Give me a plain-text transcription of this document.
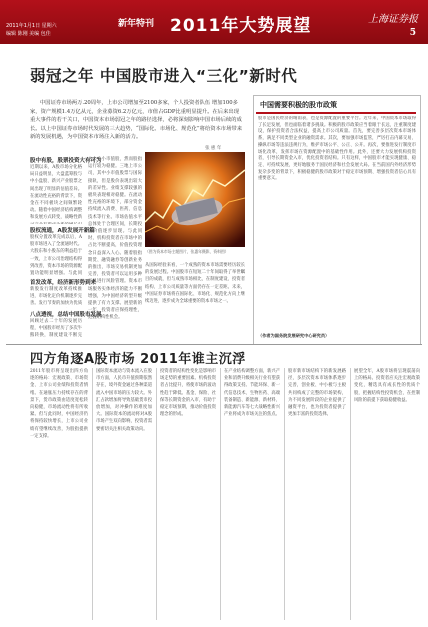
2011年1月1日 星期六
编辑 陈刚 美编 包佳
新年特刊 2011年大势展望	上海证券报
5
弱冠之年 中国股市进入“三化”新时代
中国证券市场两万.20周年，上市公司增加至2100多家，个人投资者队伍 增加100多家，资产规模1.4万亿从元，企业募资6.2万亿元，市值占GDP比重明显提升。在后来出现重大事件的若干关口，中国资本市场弱冠之年的路径选择，必将深刻影响中国市场后续的成长。以上中国证券市场时代发展的三大趋势，“国际化、市场化、规范化”将给资本市场带来新的发展机遇，为中国资本市场注入新的活力。
张 惠 年
股中有股，股票投资大有可为
近期以来，A股市场分化格局日益明显，大盘蓝筹股与中小盘股、新兴产业股票之间出现了明显的估值差异。在流动性充裕的背景下，资金在不同板块之间频繁轮动。随着中国经济结构调整和发展方式转变，战略性新
股权流通，A股发展开新篇
股权分置改革完成以后，A股市场进入了全流通时代。大股东和小股东的利益趋于一致，上市公司治理结构得到改善，资本市场的资源配置功能明显增强。与此同
首发改革，经济新形势到来
新股发行制度改革持续推进，市场化定价机制逐步完善。发行节奏的加快为优质
八点透视，总结中国股市发展
回顾过去二十年的发展历程，中国股市经历了多次牛熊转换，制度建设不断完
之大中小市值股，然而股指运行较为稳健。三地上市公司，其中小市值股票与国际接轨，但是股价表现出较大的差异性。业绩支撑较强的板块表现相对稳健。在流动性充裕的环境下，部分资金持续流入消费、医药、信息技术等行业。市场估值水平总体处于合理区间，长期投资价值逐步显现。与此同时，机构投资者在市场中的占比不断提高，价值投资理念日益深入人心。随着股指期货、融资融券等创新业务的推出，市场交易机制更加完善，投资者可以运用多种工具进行风险管理。资本市场服务实体经济的能力不断增强，为中国经济转型升级提供了有力支撑。展望新的一年，投资者应保持理性，把握结构性机会。
（图为资本市场主题图片，张惠年摄影，资料图）
从国际经验来看，一个成熟的资本市场需要经历较长的发展过程。中国股市在短短二十年间取得了举世瞩目的成就，但与成熟市场相比，在制度建设、投资者结构、上市公司质量等方面仍存在一定差距。未来，中国证券市场将在国际化、市场化、规范化方向上继续迈进，逐步成为全球重要的资本市场之一。
中国需要积极的股市政策
股市是国民经济的晴雨表，也是资源配置的重要平台。近年来，中国资本市场取得了长足发展，但也面临着诸多挑战。积极的股市政策应当着眼于长远，注重制度建设，保护投资者合法权益，提高上市公司质量。首先，要完善多层次资本市场体系，满足不同类型企业的融资需求。其次，要加强市场监管，严厉打击内幕交易、操纵市场等违法违规行为，维护市场公平、公正、公开。再次，要推进发行制度市场化改革，发挥市场在资源配置中的基础性作用。此外，还要大力发展机构投资者，引导长期资金入市，优化投资者结构。只有这样，中国股市才能实现健康、稳定、可持续发展，更好地服务于国民经济和社会发展大局。在当前国内外经济形势复杂多变的背景下，积极稳健的股市政策对于稳定市场预期、增强投资者信心具有重要意义。
（作者为国务院发展研究中心研究员）
四方角逐A股市场 2011年谁主沉浮
2011年股市将呈现出四方角逐的格局：宏观政策、市场资金、上市公司业绩和投资者情绪。在通胀压力持续存在的背景下，货币政策由适度宽松转向稳健，市场流动性将有所收紧。但与此同时，中国经济仍将保持较快增长，上市公司业绩有望继续改善，为股指提供一定支撑。
国际资本流动与资本流入在股市方面，人民币升值预期依然存在，境外资金通过各种渠道流入中国市场的压力较大。外汇占款增加将导致基础货币投放增加，对冲操作的难度加大。国际资本的流动将对A股市场产生双向影响，投资者需要密切关注相关政策动向。
投资者的结构性变化是影响市场走势的重要因素。机构投资者占比提升，将使市场的波动性趋于降低。基金、保险、社保等长期资金的入市，有助于稳定市场预期，推动价值投资理念的形成。
在产业结构调整方面，新兴产业和消费升级相关行业有望获得政策支持。节能环保、新一代信息技术、生物医药、高端装备制造、新能源、新材料、新能源汽车等七大战略性新兴产业将成为市场关注的焦点。
股市新市场结构下的新发展路径，多层次资本市场体系逐步完善，创业板、中小板与主板共同构成了完整的市场架构，为不同发展阶段的企业提供了融资平台，也为投资者提供了更加丰富的投资选择。
展望全年，A股市场将呈现震荡向上的格局。投资者应关注宏观政策变化，精选具有成长性的优质个股，把握结构性投资机会，在控制风险的前提下获取稳健收益。
